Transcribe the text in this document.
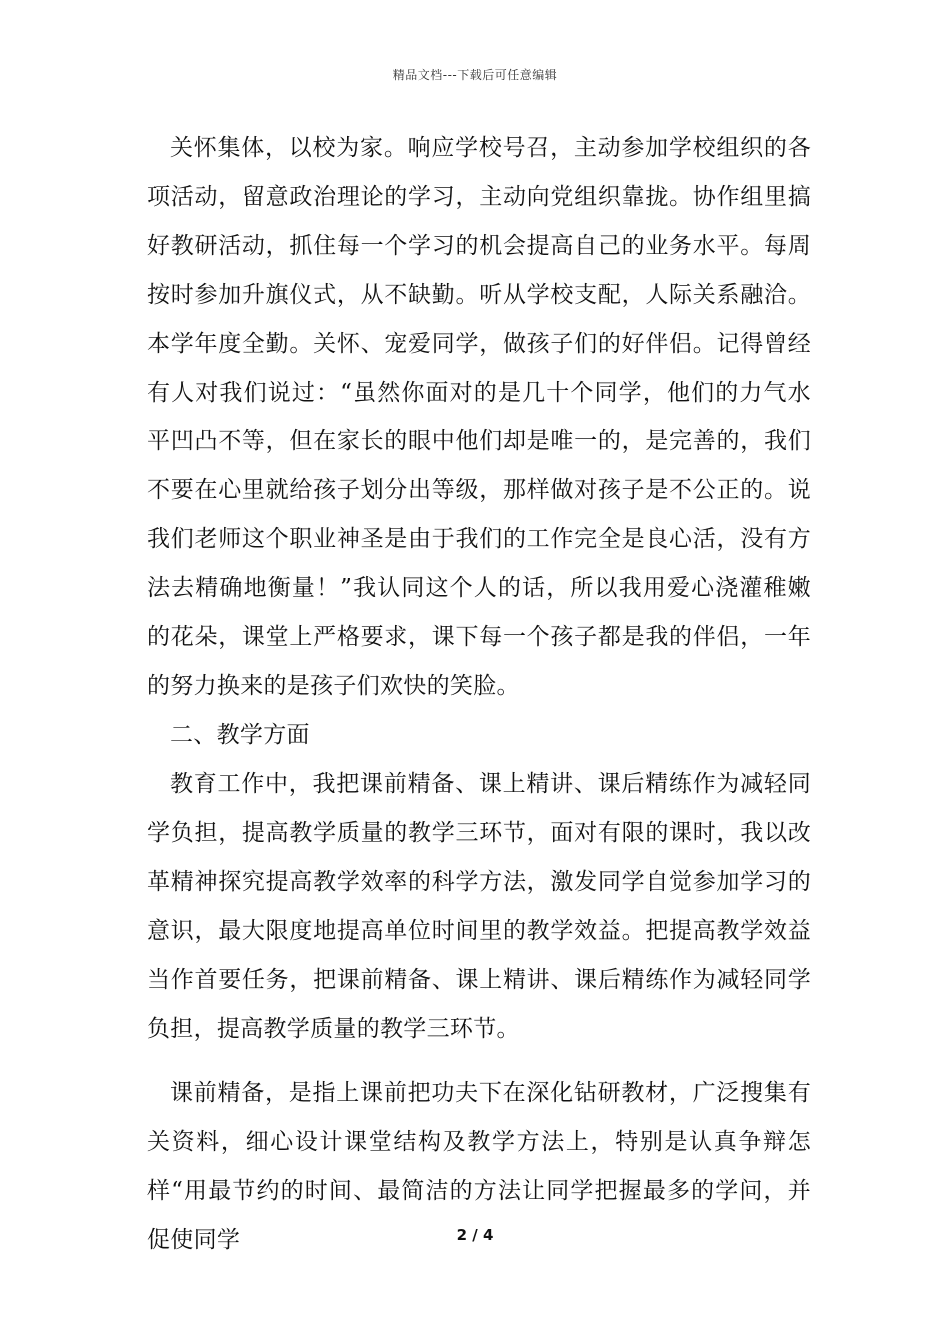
精品文档---下载后可任意编辑

关怀集体，以校为家。响应学校号召，主动参加学校组织的各项活动，留意政治理论的学习，主动向党组织靠拢。协作组里搞好教研活动，抓住每一个学习的机会提高自己的业务水平。每周按时参加升旗仪式，从不缺勤。听从学校支配，人际关系融洽。本学年度全勤。关怀、宠爱同学，做孩子们的好伴侣。记得曾经有人对我们说过：“虽然你面对的是几十个同学，他们的力气水平凹凸不等，但在家长的眼中他们却是唯一的，是完善的，我们不要在心里就给孩子划分出等级，那样做对孩子是不公正的。说我们老师这个职业神圣是由于我们的工作完全是良心活，没有方法去精确地衡量！”我认同这个人的话，所以我用爱心浇灌稚嫩的花朵，课堂上严格要求，课下每一个孩子都是我的伴侣，一年的努力换来的是孩子们欢快的笑脸。

二、教学方面

教育工作中，我把课前精备、课上精讲、课后精练作为减轻同学负担，提高教学质量的教学三环节，面对有限的课时，我以改革精神探究提高教学效率的科学方法，激发同学自觉参加学习的意识，最大限度地提高单位时间里的教学效益。把提高教学效益当作首要任务，把课前精备、课上精讲、课后精练作为减轻同学负担，提高教学质量的教学三环节。

课前精备，是指上课前把功夫下在深化钻研教材，广泛搜集有关资料，细心设计课堂结构及教学方法上，特别是认真争辩怎样“用最节约的时间、最简洁的方法让同学把握最多的学问，并促使同学	2 / 4
